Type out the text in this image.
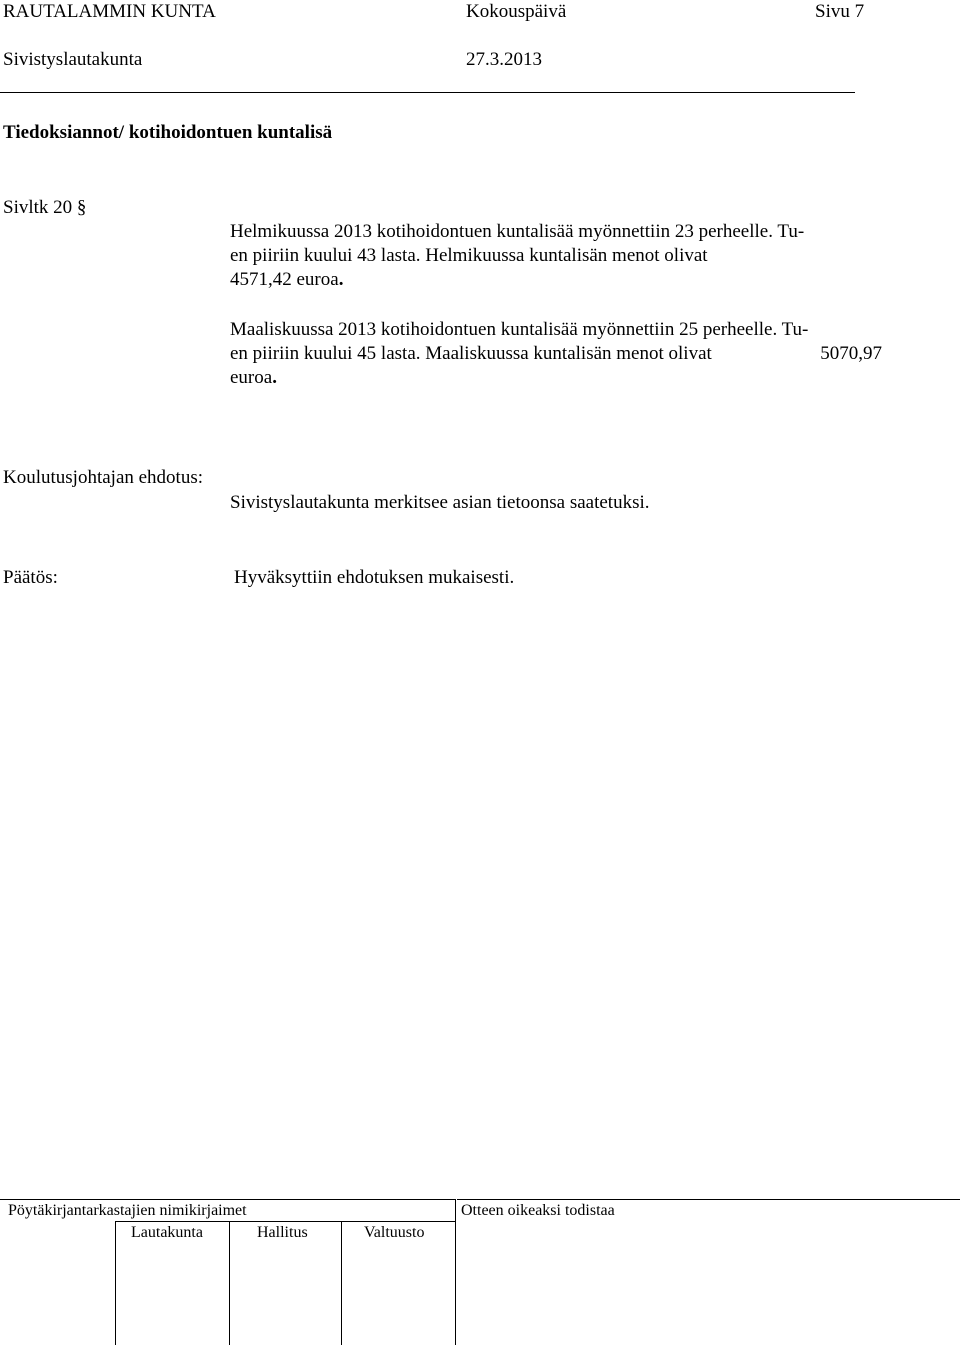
RAUTALAMMIN KUNTA	Kokouspäivä	Sivu 7
Sivistyslautakunta	27.3.2013
Tiedoksiannot/ kotihoidontuen kuntalisä
Sivltk 20 §
Helmikuussa 2013 kotihoidontuen kuntalisää myönnettiin 23 perheelle. Tu-
en piiriin kuului 43 lasta. Helmikuussa kuntalisän menot olivat
4571,42 euroa.
Maaliskuussa 2013 kotihoidontuen kuntalisää myönnettiin 25 perheelle. Tu-
en piiriin kuului 45 lasta. Maaliskuussa kuntalisän menot olivat	5070,97
euroa.
Koulutusjohtajan ehdotus:
Sivistyslautakunta merkitsee asian tietoonsa saatetuksi.
Päätös:	Hyväksyttiin ehdotuksen mukaisesti.
Pöytäkirjantarkastajien nimikirjaimet	Otteen oikeaksi todistaa
Lautakunta	Hallitus	Valtuusto
